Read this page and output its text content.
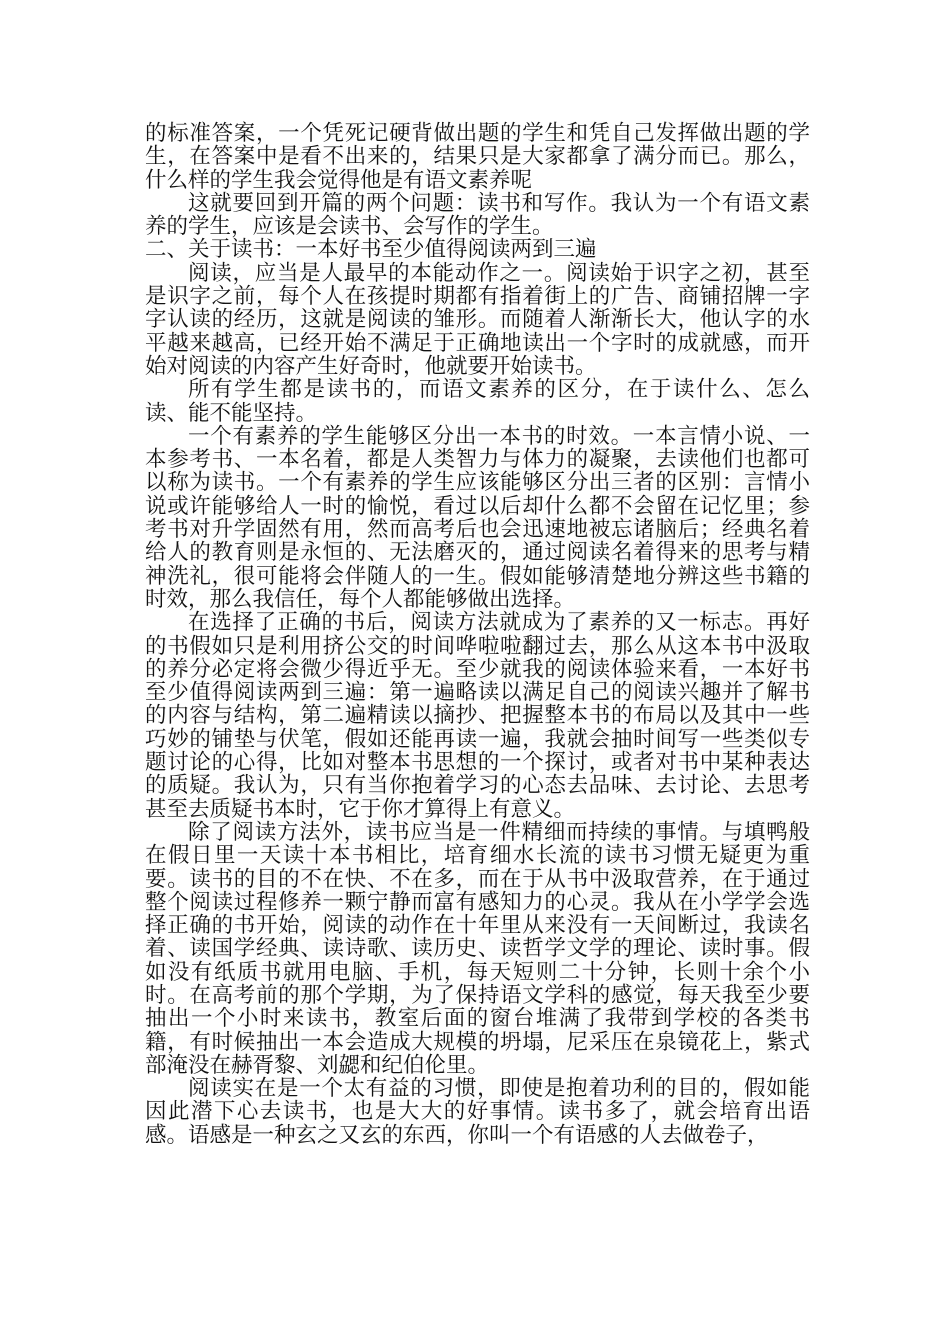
的标准答案，一个凭死记硬背做出题的学生和凭自己发挥做出题的学生，在答案中是看不出来的，结果只是大家都拿了满分而已。那么，什么样的学生我会觉得他是有语文素养呢

这就要回到开篇的两个问题：读书和写作。我认为一个有语文素养的学生，应该是会读书、会写作的学生。

二、关于读书：一本好书至少值得阅读两到三遍

阅读，应当是人最早的本能动作之一。阅读始于识字之初，甚至是识字之前，每个人在孩提时期都有指着街上的广告、商铺招牌一字字认读的经历，这就是阅读的雏形。而随着人渐渐长大，他认字的水平越来越高，已经开始不满足于正确地读出一个字时的成就感，而开始对阅读的内容产生好奇时，他就要开始读书。

所有学生都是读书的，而语文素养的区分，在于读什么、怎么读、能不能坚持。

一个有素养的学生能够区分出一本书的时效。一本言情小说、一本参考书、一本名着，都是人类智力与体力的凝聚，去读他们也都可以称为读书。一个有素养的学生应该能够区分出三者的区别：言情小说或许能够给人一时的愉悦，看过以后却什么都不会留在记忆里；参考书对升学固然有用，然而高考后也会迅速地被忘诸脑后；经典名着给人的教育则是永恒的、无法磨灭的，通过阅读名着得来的思考与精神洗礼，很可能将会伴随人的一生。假如能够清楚地分辨这些书籍的时效，那么我信任，每个人都能够做出选择。

在选择了正确的书后，阅读方法就成为了素养的又一标志。再好的书假如只是利用挤公交的时间哗啦啦翻过去，那么从这本书中汲取的养分必定将会微少得近乎无。至少就我的阅读体验来看，一本好书至少值得阅读两到三遍：第一遍略读以满足自己的阅读兴趣并了解书的内容与结构，第二遍精读以摘抄、把握整本书的布局以及其中一些巧妙的铺垫与伏笔，假如还能再读一遍，我就会抽时间写一些类似专题讨论的心得，比如对整本书思想的一个探讨，或者对书中某种表达的质疑。我认为，只有当你抱着学习的心态去品味、去讨论、去思考甚至去质疑书本时，它于你才算得上有意义。

除了阅读方法外，读书应当是一件精细而持续的事情。与填鸭般在假日里一天读十本书相比，培育细水长流的读书习惯无疑更为重要。读书的目的不在快、不在多，而在于从书中汲取营养，在于通过整个阅读过程修养一颗宁静而富有感知力的心灵。我从在小学学会选择正确的书开始，阅读的动作在十年里从来没有一天间断过，我读名着、读国学经典、读诗歌、读历史、读哲学文学的理论、读时事。假如没有纸质书就用电脑、手机，每天短则二十分钟，长则十余个小时。在高考前的那个学期，为了保持语文学科的感觉，每天我至少要抽出一个小时来读书，教室后面的窗台堆满了我带到学校的各类书籍，有时候抽出一本会造成大规模的坍塌，尼采压在泉镜花上，紫式部淹没在赫胥黎、刘勰和纪伯伦里。

阅读实在是一个太有益的习惯，即使是抱着功利的目的，假如能因此潜下心去读书，也是大大的好事情。读书多了，就会培育出语感。语感是一种玄之又玄的东西，你叫一个有语感的人去做卷子，
